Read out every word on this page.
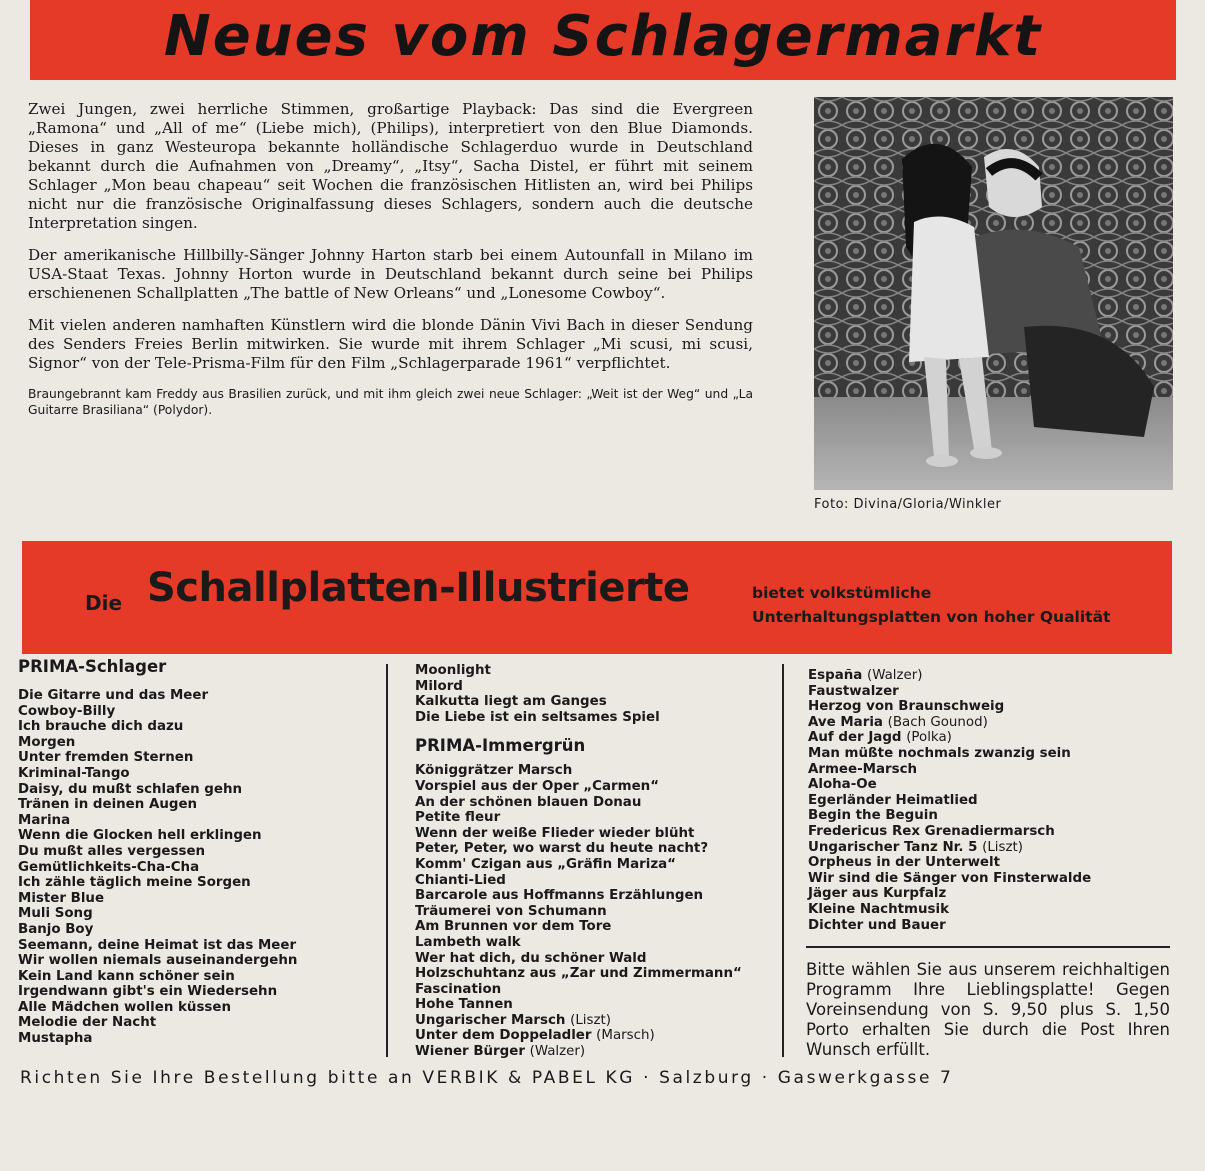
Neues vom Schlagermarkt

Zwei Jungen, zwei herrliche Stimmen, großartige Playback: Das sind die Evergreen „Ramona“ und „All of me“ (Liebe mich), (Philips), interpretiert von den Blue Diamonds. Dieses in ganz Westeuropa bekannte holländische Schlagerduo wurde in Deutschland bekannt durch die Aufnahmen von „Dreamy“, „Itsy“, Sacha Distel, er führt mit seinem Schlager „Mon beau chapeau“ seit Wochen die französischen Hitlisten an, wird bei Philips nicht nur die französische Originalfassung dieses Schlagers, sondern auch die deutsche Interpretation singen.

Der amerikanische Hillbilly-Sänger Johnny Harton starb bei einem Autounfall in Milano im USA-Staat Texas. Johnny Horton wurde in Deutschland bekannt durch seine bei Philips erschienenen Schallplatten „The battle of New Orleans“ und „Lonesome Cowboy“.

Mit vielen anderen namhaften Künstlern wird die blonde Dänin Vivi Bach in dieser Sendung des Senders Freies Berlin mitwirken. Sie wurde mit ihrem Schlager „Mi scusi, mi scusi, Signor“ von der Tele-Prisma-Film für den Film „Schlagerparade 1961“ verpflichtet.

Braungebrannt kam Freddy aus Brasilien zurück, und mit ihm gleich zwei neue Schlager: „Weit ist der Weg“ und „La Guitarre Brasiliana“ (Polydor).

Foto: Divina/Gloria/Winkler
Die Schallplatten-Illustrierte	bietet volkstümliche Unterhaltungsplatten von hoher Qualität
PRIMA-Schlager
Die Gitarre und das Meer
Cowboy-Billy
Ich brauche dich dazu
Morgen
Unter fremden Sternen
Kriminal-Tango
Daisy, du mußt schlafen gehn
Tränen in deinen Augen
Marina
Wenn die Glocken hell erklingen
Du mußt alles vergessen
Gemütlichkeits-Cha-Cha
Ich zähle täglich meine Sorgen
Mister Blue
Muli Song
Banjo Boy
Seemann, deine Heimat ist das Meer
Wir wollen niemals auseinandergehn
Kein Land kann schöner sein
Irgendwann gibt's ein Wiedersehn
Alle Mädchen wollen küssen
Melodie der Nacht
Mustapha
Moonlight
Milord
Kalkutta liegt am Ganges
Die Liebe ist ein seltsames Spiel
PRIMA-Immergrün
Königgrätzer Marsch
Vorspiel aus der Oper „Carmen“
An der schönen blauen Donau
Petite fleur
Wenn der weiße Flieder wieder blüht
Peter, Peter, wo warst du heute nacht?
Komm' Czigan aus „Gräfin Mariza“
Chianti-Lied
Barcarole aus Hoffmanns Erzählungen
Träumerei von Schumann
Am Brunnen vor dem Tore
Lambeth walk
Wer hat dich, du schöner Wald
Holzschuhtanz aus „Zar und Zimmermann“
Fascination
Hohe Tannen
Ungarischer Marsch (Liszt)
Unter dem Doppeladler (Marsch)
Wiener Bürger (Walzer)
España (Walzer)
Faustwalzer
Herzog von Braunschweig
Ave Maria (Bach Gounod)
Auf der Jagd (Polka)
Man müßte nochmals zwanzig sein
Armee-Marsch
Aloha-Oe
Egerländer Heimatlied
Begin the Beguin
Fredericus Rex Grenadiermarsch
Ungarischer Tanz Nr. 5 (Liszt)
Orpheus in der Unterwelt
Wir sind die Sänger von Finsterwalde
Jäger aus Kurpfalz
Kleine Nachtmusik
Dichter und Bauer
Bitte wählen Sie aus unserem reichhaltigen Programm Ihre Lieblingsplatte! Gegen Voreinsendung von S. 9,50 plus S. 1,50 Porto erhalten Sie durch die Post Ihren Wunsch erfüllt.
Richten Sie Ihre Bestellung bitte an VERBIK & PABEL KG · Salzburg · Gaswerkgasse 7
